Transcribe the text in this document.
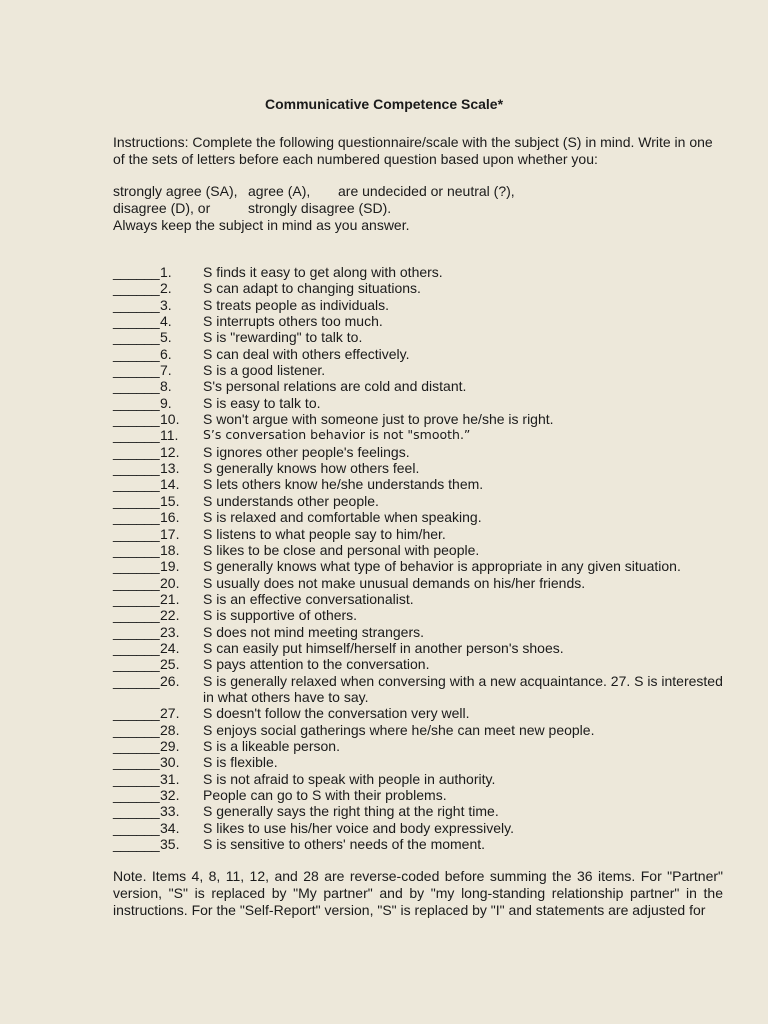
Communicative Competence Scale*
Instructions: Complete the following questionnaire/scale with the subject (S) in mind. Write in one of the sets of letters before each numbered question based upon whether you:
strongly agree (SA), agree (A), are undecided or neutral (?),
disagree (D), or	strongly disagree (SD).
Always keep the subject in mind as you answer.
______ 1.	S finds it easy to get along with others.
______ 2.	S can adapt to changing situations.
______ 3.	S treats people as individuals.
______ 4.	S interrupts others too much.
______ 5.	S is "rewarding" to talk to.
______ 6.	S can deal with others effectively.
______ 7.	S is a good listener.
______ 8.	S's personal relations are cold and distant.
______ 9.	S is easy to talk to.
______ 10.	S won't argue with someone just to prove he/she is right.
______ 11.	S’s conversation behavior is not "smooth.”
______ 12.	S ignores other people's feelings.
______ 13.	S generally knows how others feel.
______ 14.	S lets others know he/she understands them.
______ 15.	S understands other people.
______ 16.	S is relaxed and comfortable when speaking.
______ 17.	S listens to what people say to him/her.
______ 18.	S likes to be close and personal with people.
______ 19.	S generally knows what type of behavior is appropriate in any given situation.
______ 20.	S usually does not make unusual demands on his/her friends.
______ 21.	S is an effective conversationalist.
______ 22.	S is supportive of others.
______ 23.	S does not mind meeting strangers.
______ 24.	S can easily put himself/herself in another person's shoes.
______ 25.	S pays attention to the conversation.
______ 26.	S is generally relaxed when conversing with a new acquaintance. 27. S is interested in what others have to say.
______ 27.	S doesn't follow the conversation very well.
______ 28.	S enjoys social gatherings where he/she can meet new people.
______ 29.	S is a likeable person.
______ 30.	S is flexible.
______ 31.	S is not afraid to speak with people in authority.
______ 32.	People can go to S with their problems.
______ 33.	S generally says the right thing at the right time.
______ 34.	S likes to use his/her voice and body expressively.
______ 35.	S is sensitive to others' needs of the moment.
Note. Items 4, 8, 11, 12, and 28 are reverse-coded before summing the 36 items. For "Partner" version, "S" is replaced by "My partner" and by "my long-standing relationship partner" in the instructions. For the "Self-Report" version, "S" is replaced by "I" and statements are adjusted for
